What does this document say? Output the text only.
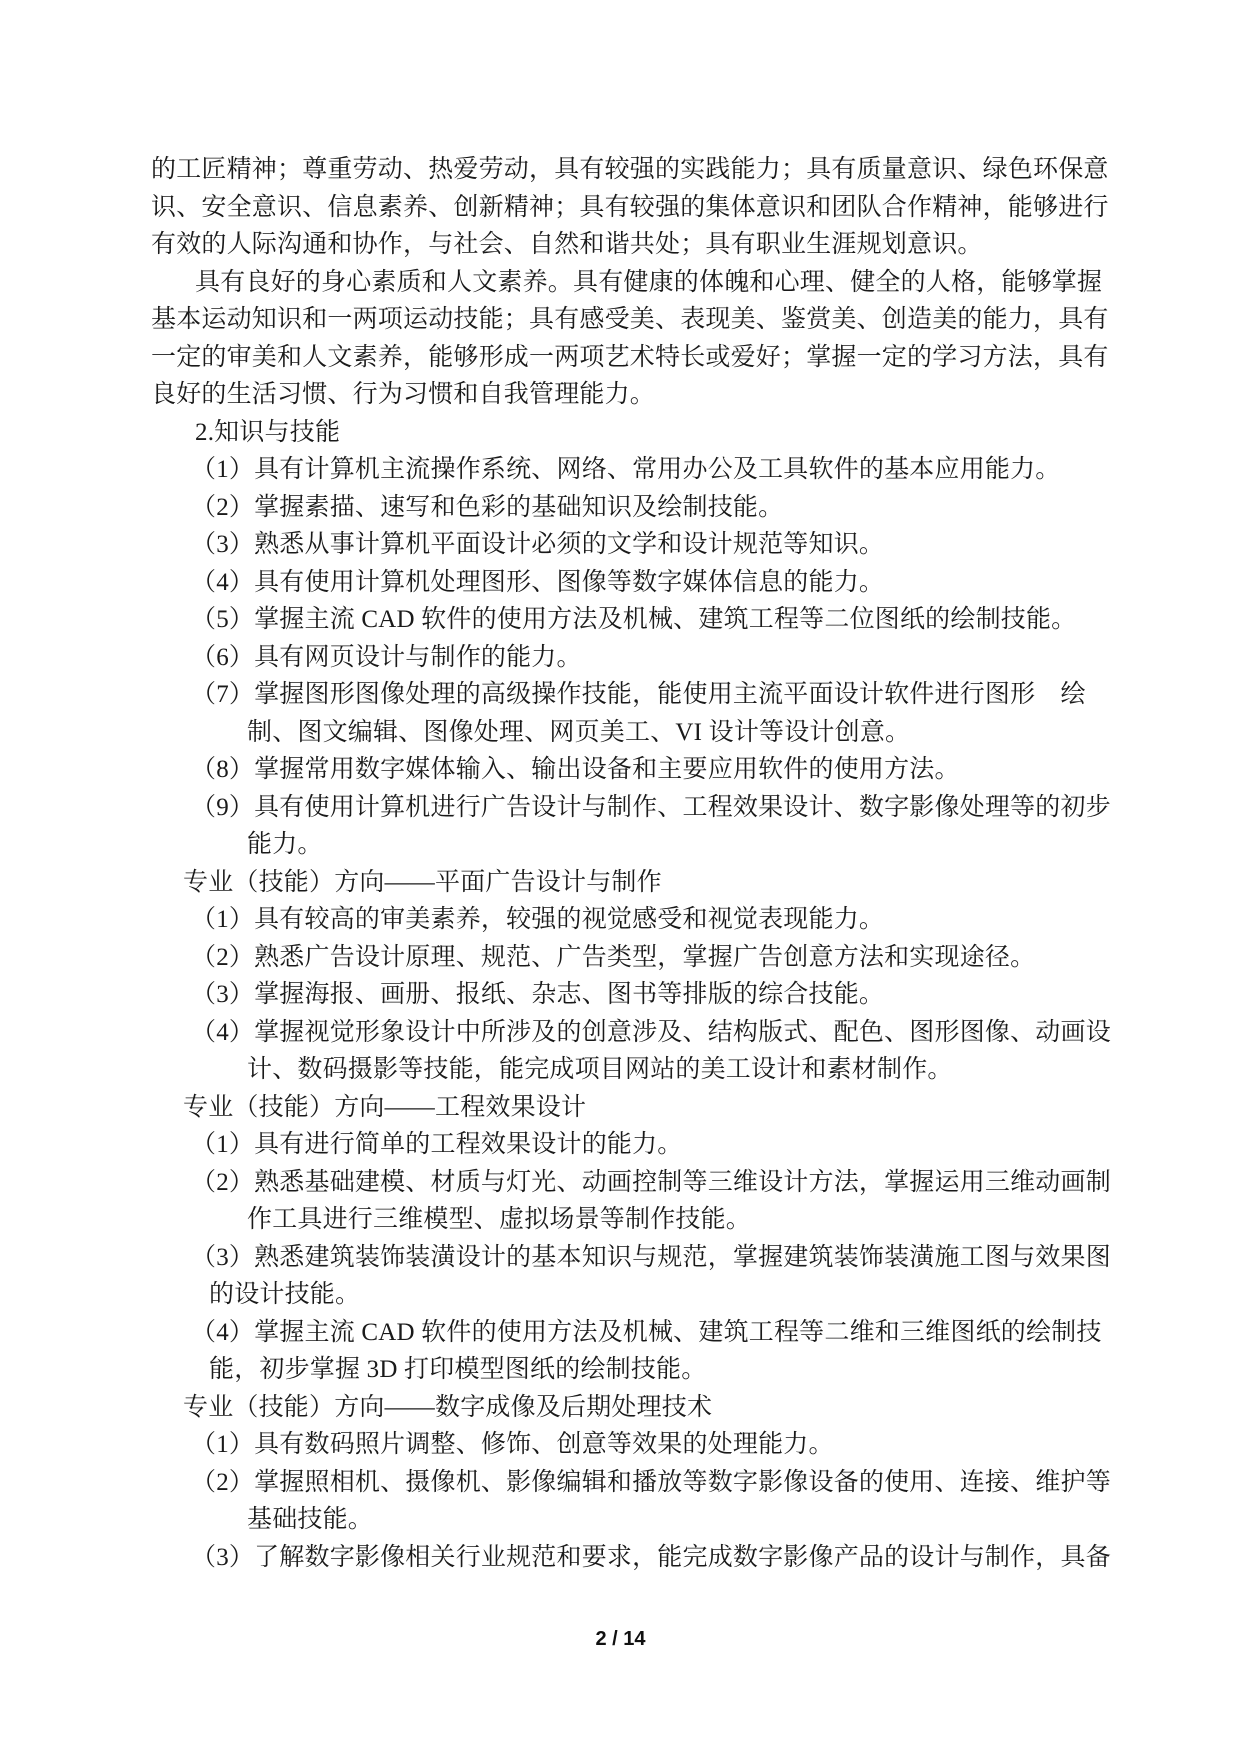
的工匠精神；尊重劳动、热爱劳动，具有较强的实践能力；具有质量意识、绿色环保意
识、安全意识、信息素养、创新精神；具有较强的集体意识和团队合作精神，能够进行
有效的人际沟通和协作，与社会、自然和谐共处；具有职业生涯规划意识。
具有良好的身心素质和人文素养。具有健康的体魄和心理、健全的人格，能够掌握
基本运动知识和一两项运动技能；具有感受美、表现美、鉴赏美、创造美的能力，具有
一定的审美和人文素养，能够形成一两项艺术特长或爱好；掌握一定的学习方法，具有
良好的生活习惯、行为习惯和自我管理能力。
2.知识与技能
（1）具有计算机主流操作系统、网络、常用办公及工具软件的基本应用能力。
（2）掌握素描、速写和色彩的基础知识及绘制技能。
（3）熟悉从事计算机平面设计必须的文学和设计规范等知识。
（4）具有使用计算机处理图形、图像等数字媒体信息的能力。
（5）掌握主流 CAD 软件的使用方法及机械、建筑工程等二位图纸的绘制技能。
（6）具有网页设计与制作的能力。
（7）掌握图形图像处理的高级操作技能，能使用主流平面设计软件进行图形　绘
制、图文编辑、图像处理、网页美工、VI 设计等设计创意。
（8）掌握常用数字媒体输入、输出设备和主要应用软件的使用方法。
（9）具有使用计算机进行广告设计与制作、工程效果设计、数字影像处理等的初步
能力。
专业（技能）方向——平面广告设计与制作
（1）具有较高的审美素养，较强的视觉感受和视觉表现能力。
（2）熟悉广告设计原理、规范、广告类型，掌握广告创意方法和实现途径。
（3）掌握海报、画册、报纸、杂志、图书等排版的综合技能。
（4）掌握视觉形象设计中所涉及的创意涉及、结构版式、配色、图形图像、动画设
计、数码摄影等技能，能完成项目网站的美工设计和素材制作。
专业（技能）方向——工程效果设计
（1）具有进行简单的工程效果设计的能力。
（2）熟悉基础建模、材质与灯光、动画控制等三维设计方法，掌握运用三维动画制
作工具进行三维模型、虚拟场景等制作技能。
（3）熟悉建筑装饰装潢设计的基本知识与规范，掌握建筑装饰装潢施工图与效果图
的设计技能。
（4）掌握主流 CAD 软件的使用方法及机械、建筑工程等二维和三维图纸的绘制技
能，初步掌握 3D 打印模型图纸的绘制技能。
专业（技能）方向——数字成像及后期处理技术
（1）具有数码照片调整、修饰、创意等效果的处理能力。
（2）掌握照相机、摄像机、影像编辑和播放等数字影像设备的使用、连接、维护等
基础技能。
（3）了解数字影像相关行业规范和要求，能完成数字影像产品的设计与制作，具备
2 / 14
